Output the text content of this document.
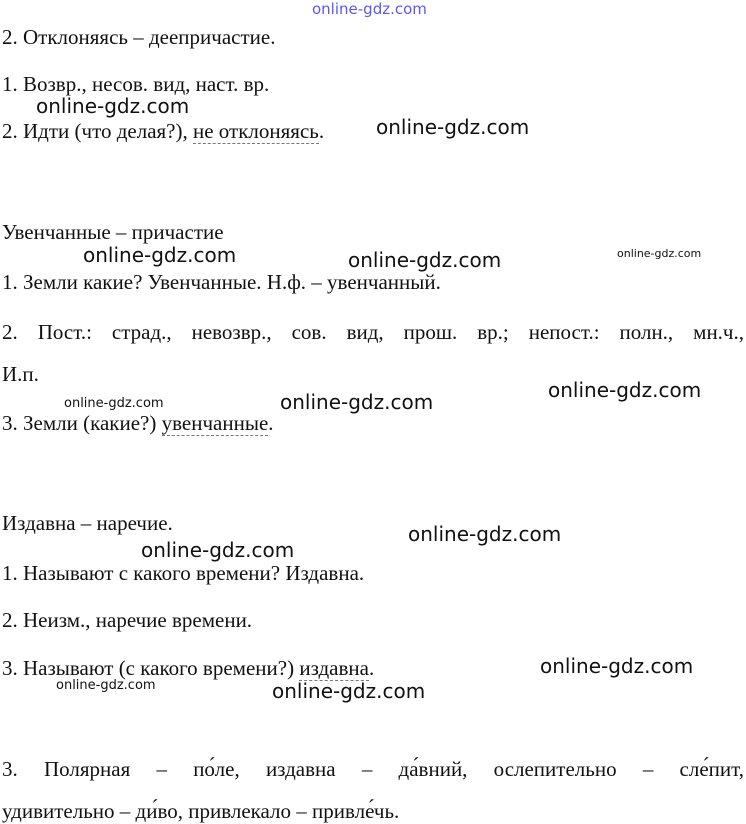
2. Отклоняясь – деепричастие.
1. Возвр., несов. вид, наст. вр.
2. Идти (что делая?), не отклоняясь.
Увенчанные – причастие
1. Земли какие? Увенчанные. Н.ф. – увенчанный.
2. Пост.: страд., невозвр., сов. вид, прош. вр.; непост.: полн., мн.ч.,
И.п.
3. Земли (какие?) увенчанные.
Издавна – наречие.
1. Называют с какого времени? Издавна.
2. Неизм., наречие времени.
3. Называют (с какого времени?) издавна.
3. Полярная – по́ле, издавна – да́вний, ослепительно – сле́пит,
удивительно – ди́во, привлекало – привле́чь.
online-gdz.com
online-gdz.com
online-gdz.com
online-gdz.com	online-gdz.com	online-gdz.com
online-gdz.com
online-gdz.com	online-gdz.com
online-gdz.com
online-gdz.com
online-gdz.com
online-gdz.com	online-gdz.com
